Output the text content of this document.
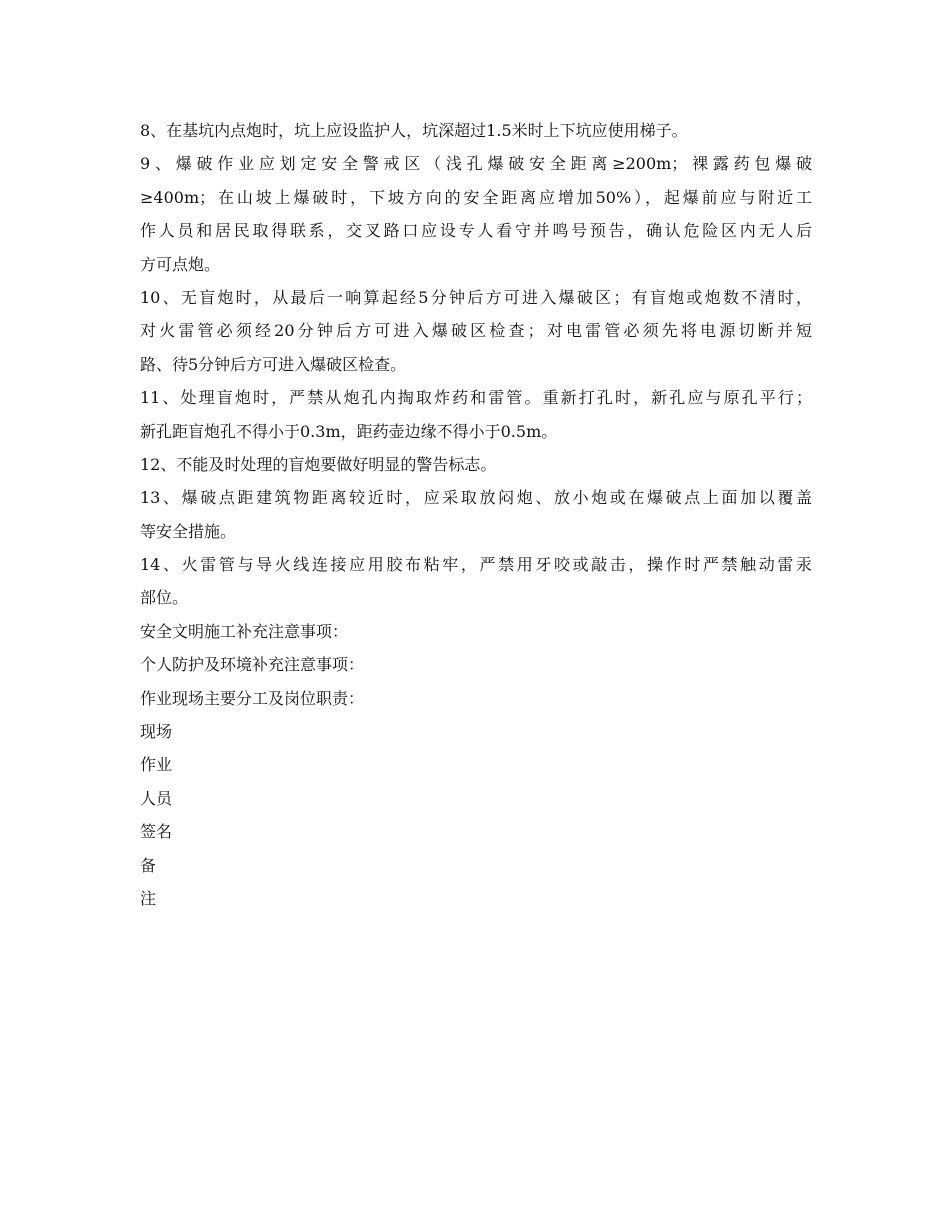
8、在基坑内点炮时，坑上应设监护人，坑深超过1.5米时上下坑应使用梯子。
9、爆破作业应划定安全警戒区（浅孔爆破安全距离≥200m；裸露药包爆破
≥400m；在山坡上爆破时，下坡方向的安全距离应增加50%），起爆前应与附近工
作人员和居民取得联系，交叉路口应设专人看守并鸣号预告，确认危险区内无人后
方可点炮。
10、无盲炮时，从最后一响算起经5分钟后方可进入爆破区；有盲炮或炮数不清时，
对火雷管必须经20分钟后方可进入爆破区检查；对电雷管必须先将电源切断并短
路、待5分钟后方可进入爆破区检查。
11、处理盲炮时，严禁从炮孔内掏取炸药和雷管。重新打孔时，新孔应与原孔平行；
新孔距盲炮孔不得小于0.3m，距药壶边缘不得小于0.5m。
12、不能及时处理的盲炮要做好明显的警告标志。
13、爆破点距建筑物距离较近时，应采取放闷炮、放小炮或在爆破点上面加以覆盖
等安全措施。
14、火雷管与导火线连接应用胶布粘牢，严禁用牙咬或敲击，操作时严禁触动雷汞
部位。
安全文明施工补充注意事项：
个人防护及环境补充注意事项：
作业现场主要分工及岗位职责：
现场
作业
人员
签名
备
注
